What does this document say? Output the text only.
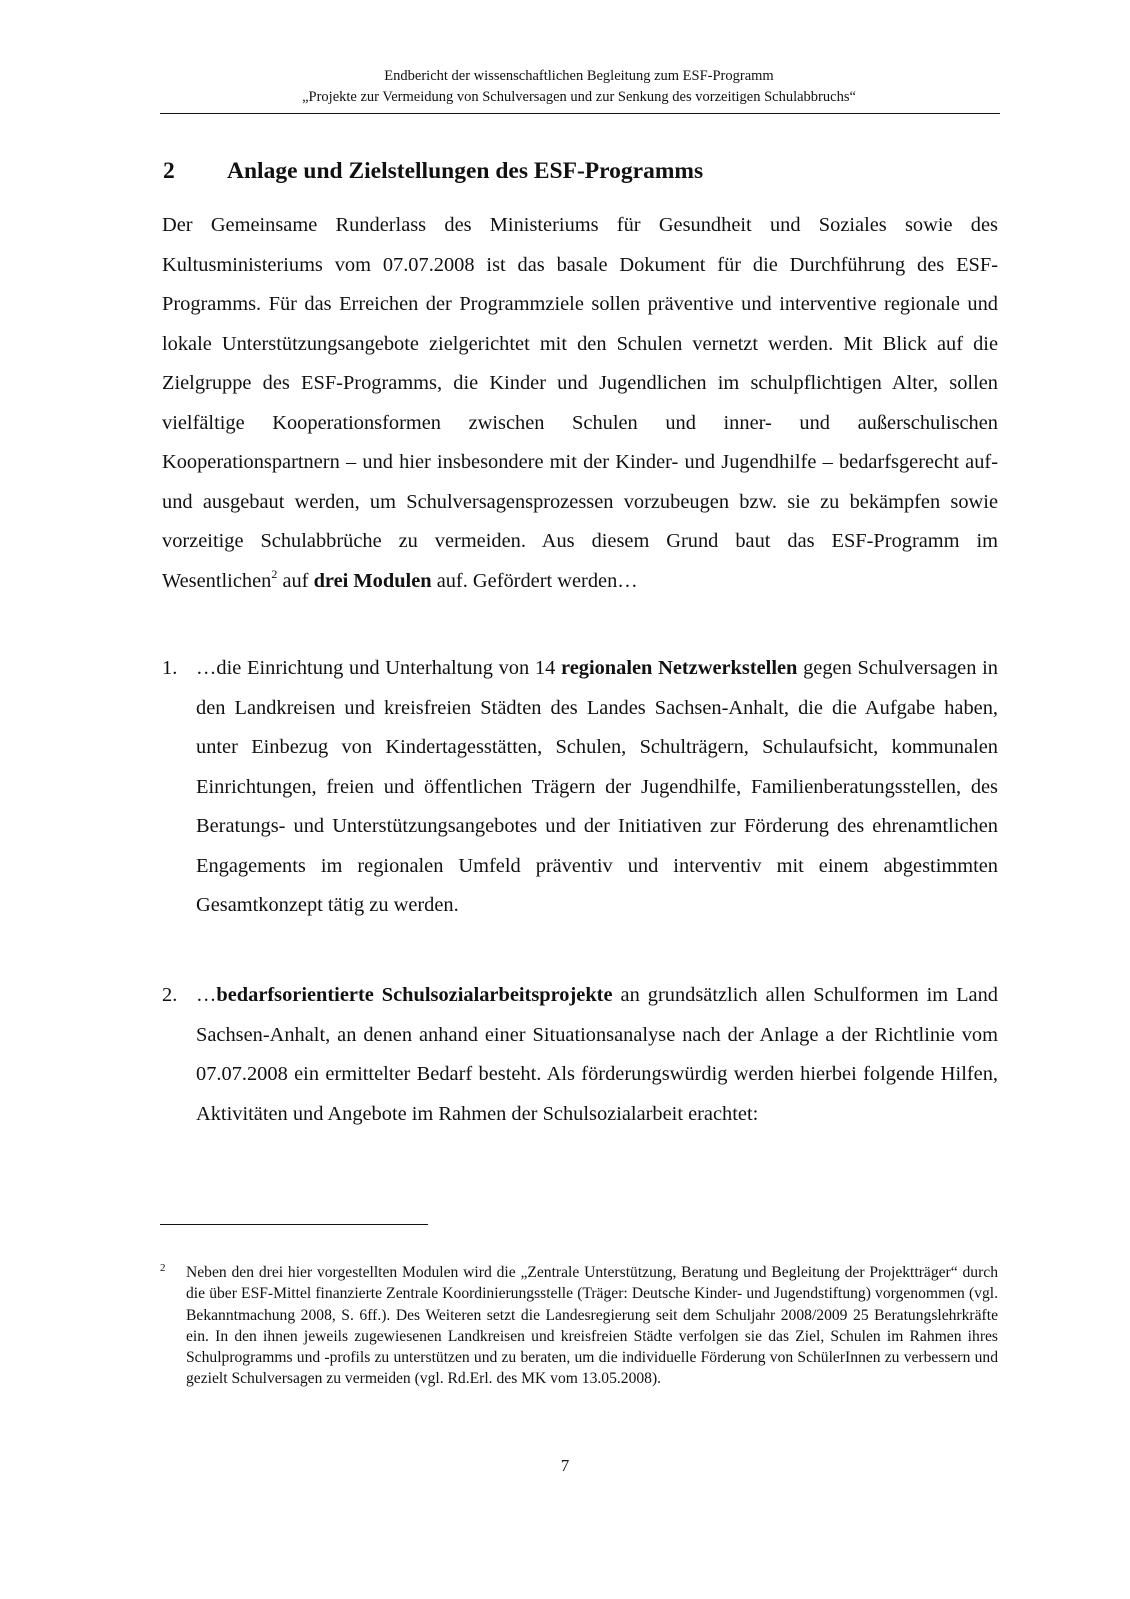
Endbericht der wissenschaftlichen Begleitung zum ESF-Programm
„Projekte zur Vermeidung von Schulversagen und zur Senkung des vorzeitigen Schulabbruchs“
2	Anlage und Zielstellungen des ESF-Programms

Der Gemeinsame Runderlass des Ministeriums für Gesundheit und Soziales sowie des Kultusministeriums vom 07.07.2008 ist das basale Dokument für die Durchführung des ESF-Programms. Für das Erreichen der Programmziele sollen präventive und interventive regionale und lokale Unterstützungsangebote zielgerichtet mit den Schulen vernetzt werden. Mit Blick auf die Zielgruppe des ESF-Programms, die Kinder und Jugendlichen im schulpflichtigen Alter, sollen vielfältige Kooperationsformen zwischen Schulen und inner- und außerschulischen Kooperationspartnern – und hier insbesondere mit der Kinder- und Jugendhilfe – bedarfsgerecht auf- und ausgebaut werden, um Schulversagensprozessen vorzubeugen bzw. sie zu bekämpfen sowie vorzeitige Schulabbrüche zu vermeiden. Aus diesem Grund baut das ESF-Programm im Wesentlichen$^2$ auf drei Modulen auf. Gefördert werden…

1. …die Einrichtung und Unterhaltung von 14 regionalen Netzwerkstellen gegen Schulversagen in den Landkreisen und kreisfreien Städten des Landes Sachsen-Anhalt, die die Aufgabe haben, unter Einbezug von Kindertagesstätten, Schulen, Schulträgern, Schulaufsicht, kommunalen Einrichtungen, freien und öffentlichen Trägern der Jugendhilfe, Familienberatungsstellen, des Beratungs- und Unterstützungsangebotes und der Initiativen zur Förderung des ehrenamtlichen Engagements im regionalen Umfeld präventiv und interventiv mit einem abgestimmten Gesamtkonzept tätig zu werden.
2. …bedarfsorientierte Schulsozialarbeitsprojekte an grundsätzlich allen Schulformen im Land Sachsen-Anhalt, an denen anhand einer Situationsanalyse nach der Anlage a der Richtlinie vom 07.07.2008 ein ermittelter Bedarf besteht. Als förderungswürdig werden hierbei folgende Hilfen, Aktivitäten und Angebote im Rahmen der Schulsozialarbeit erachtet:
2 Neben den drei hier vorgestellten Modulen wird die „Zentrale Unterstützung, Beratung und Begleitung der Projektträger“ durch die über ESF-Mittel finanzierte Zentrale Koordinierungsstelle (Träger: Deutsche Kinder- und Jugendstiftung) vorgenommen (vgl. Bekanntmachung 2008, S. 6ff.). Des Weiteren setzt die Landesregierung seit dem Schuljahr 2008/2009 25 Beratungslehrkräfte ein. In den ihnen jeweils zugewiesenen Landkreisen und kreisfreien Städte verfolgen sie das Ziel, Schulen im Rahmen ihres Schulprogramms und -profils zu unterstützen und zu beraten, um die individuelle Förderung von SchülerInnen zu verbessern und gezielt Schulversagen zu vermeiden (vgl. Rd.Erl. des MK vom 13.05.2008).
7
